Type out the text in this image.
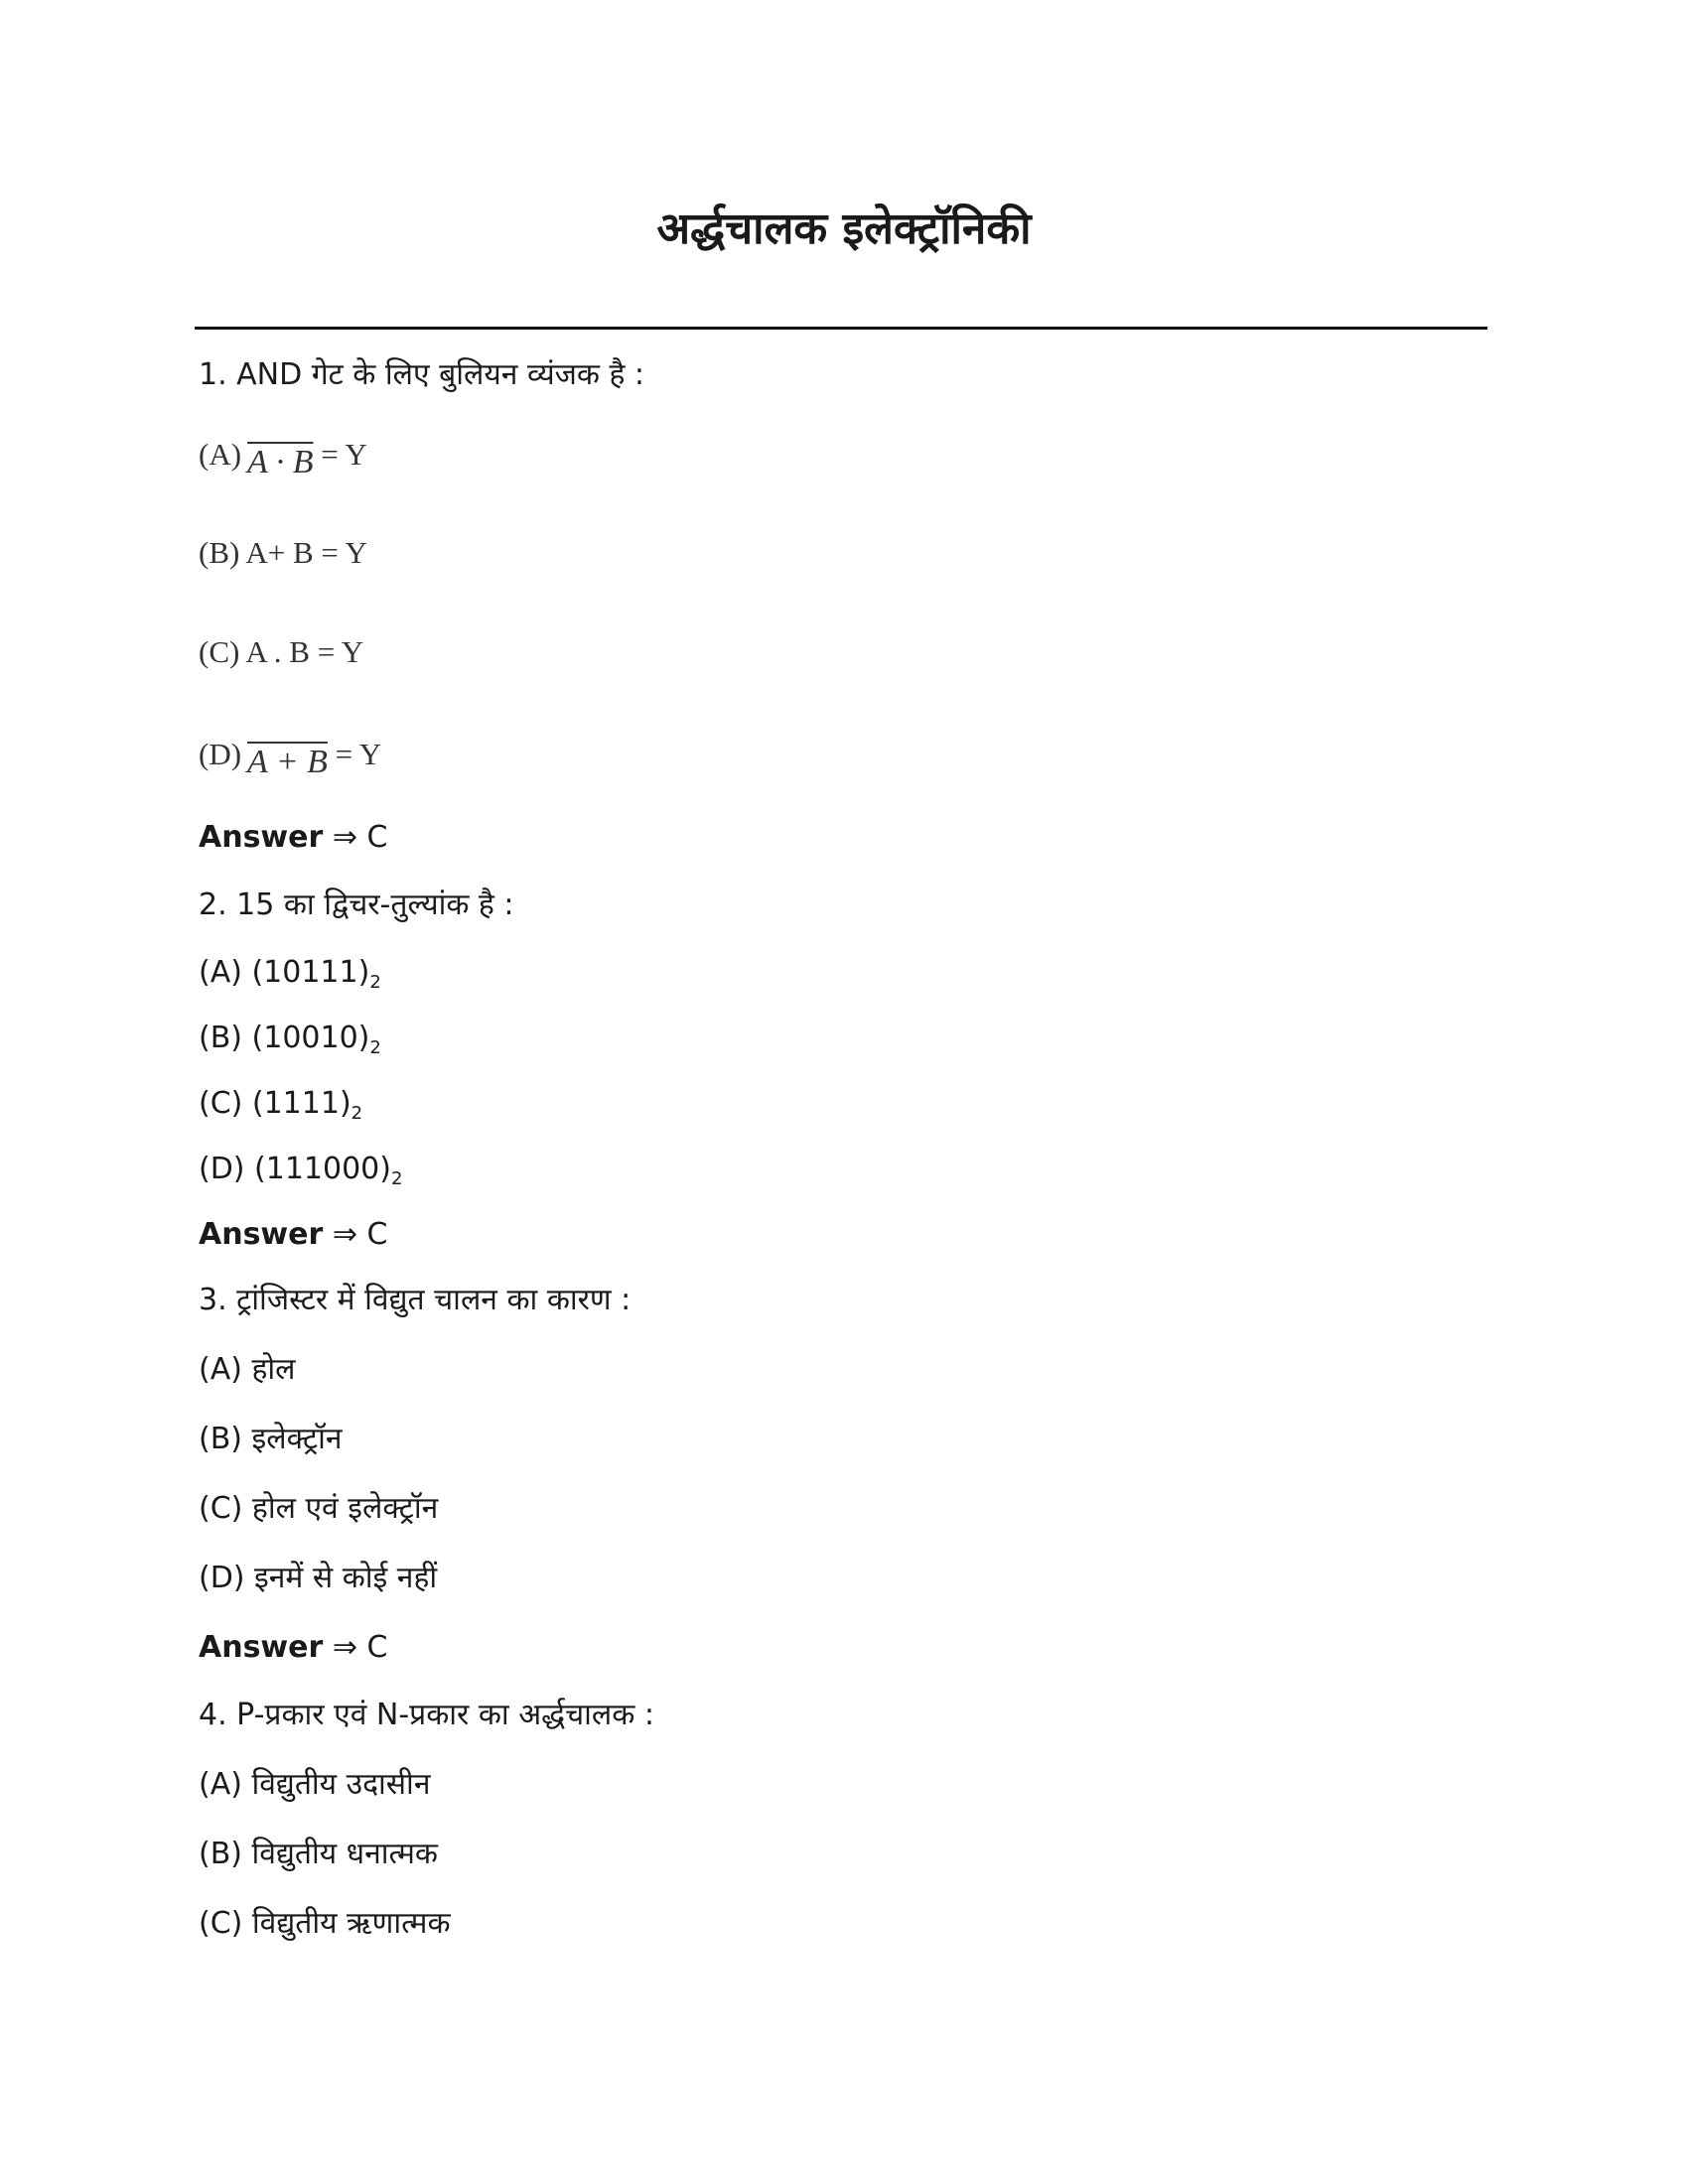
अर्द्धचालक इलेक्ट्रॉनिकी
1. AND गेट के लिए बुलियन व्यंजक है :
(A) A · B = Y
(B) A+ B = Y
(C) A . B = Y
(D) A + B = Y
Answer ⇒ C
2. 15 का द्विचर-तुल्यांक है :
(A) $(10111)_2$
(B) $(10010)_2$
(C) $(1111)_2$
(D) $(111000)_2$
Answer ⇒ C
3. ट्रांजिस्टर में विद्युत चालन का कारण :
(A) होल
(B) इलेक्ट्रॉन
(C) होल एवं इलेक्ट्रॉन
(D) इनमें से कोई नहीं
Answer ⇒ C
4. P-प्रकार एवं N-प्रकार का अर्द्धचालक :
(A) विद्युतीय उदासीन
(B) विद्युतीय धनात्मक
(C) विद्युतीय ऋणात्मक
